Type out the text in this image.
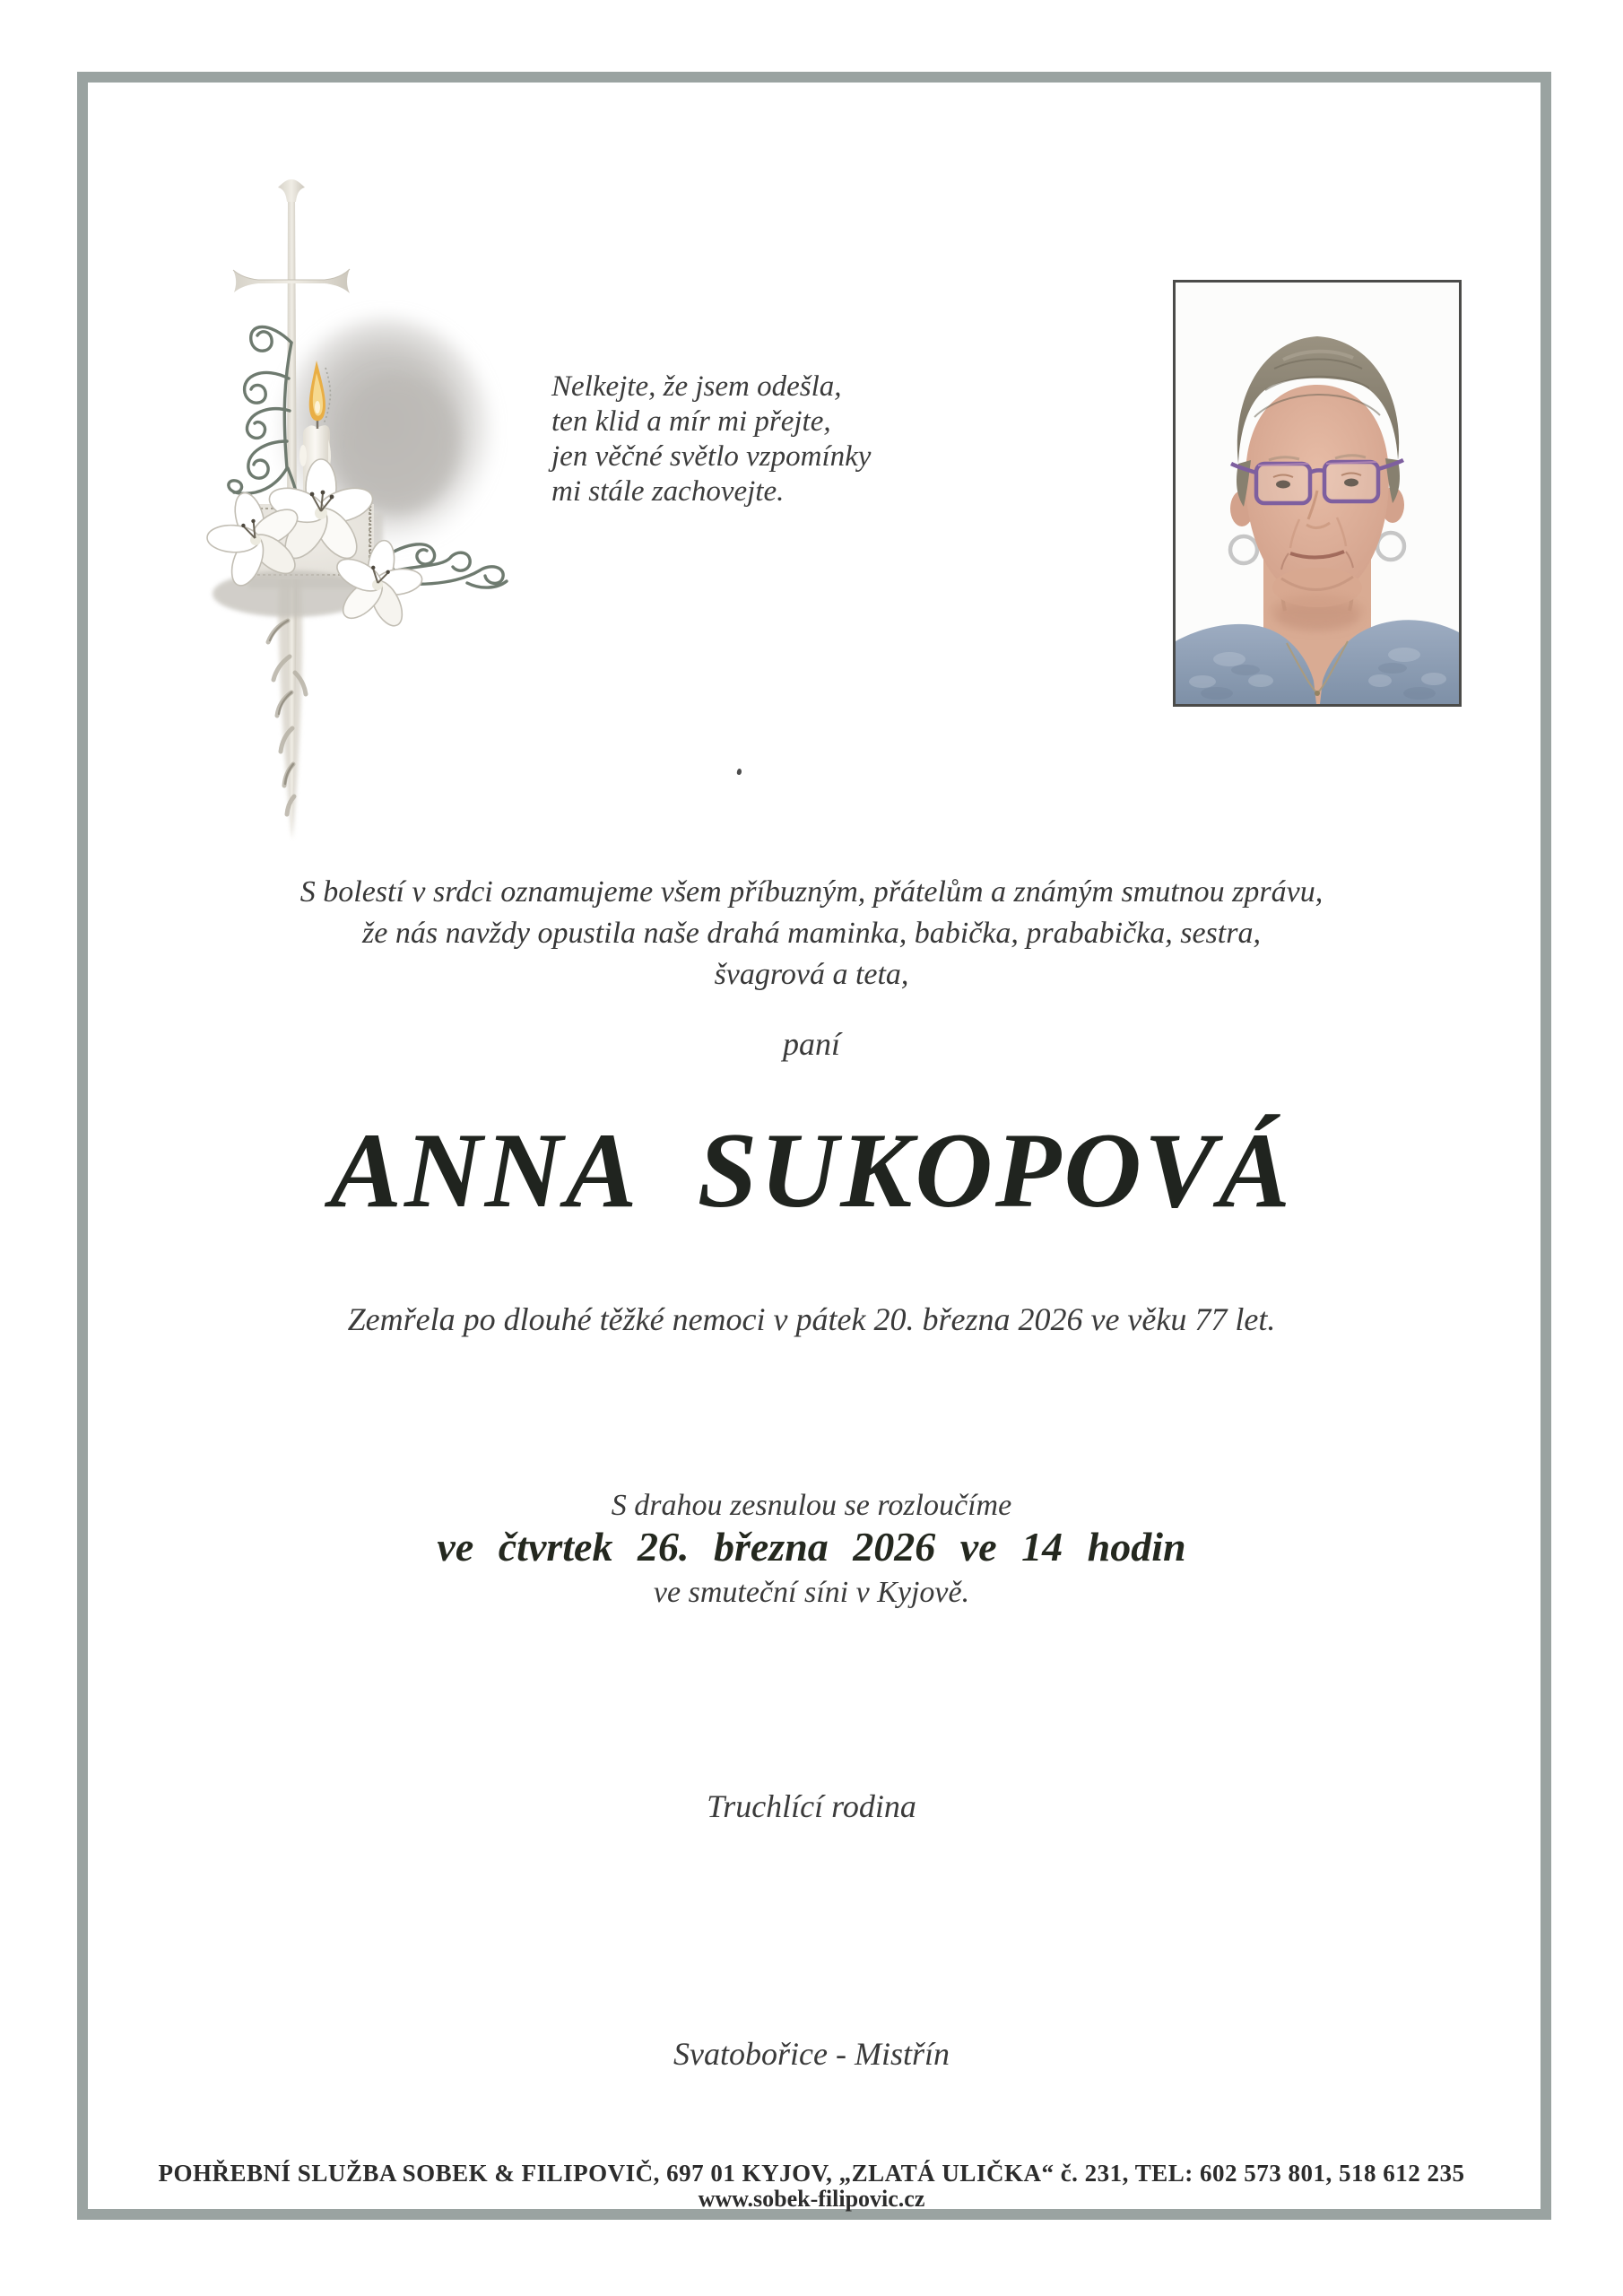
Nelkejte, že jsem odešla,
ten klid a mír mi přejte,
jen věčné světlo vzpomínky
mi stále zachovejte.
S bolestí v srdci oznamujeme všem příbuzným, přátelům a známým smutnou zprávu,
že nás navždy opustila naše drahá maminka, babička, prababička, sestra,
švagrová a teta,
paní
ANNA SUKOPOVÁ
Zemřela po dlouhé těžké nemoci v pátek 20. března 2026 ve věku 77 let.
S drahou zesnulou se rozloučíme
ve čtvrtek 26. března 2026 ve 14 hodin
ve smuteční síni v Kyjově.
Truchlící rodina
Svatobořice - Mistřín
POHŘEBNÍ SLUŽBA SOBEK & FILIPOVIČ, 697 01 KYJOV, „ZLATÁ ULIČKA“ č. 231, TEL: 602 573 801, 518 612 235
www.sobek-filipovic.cz
